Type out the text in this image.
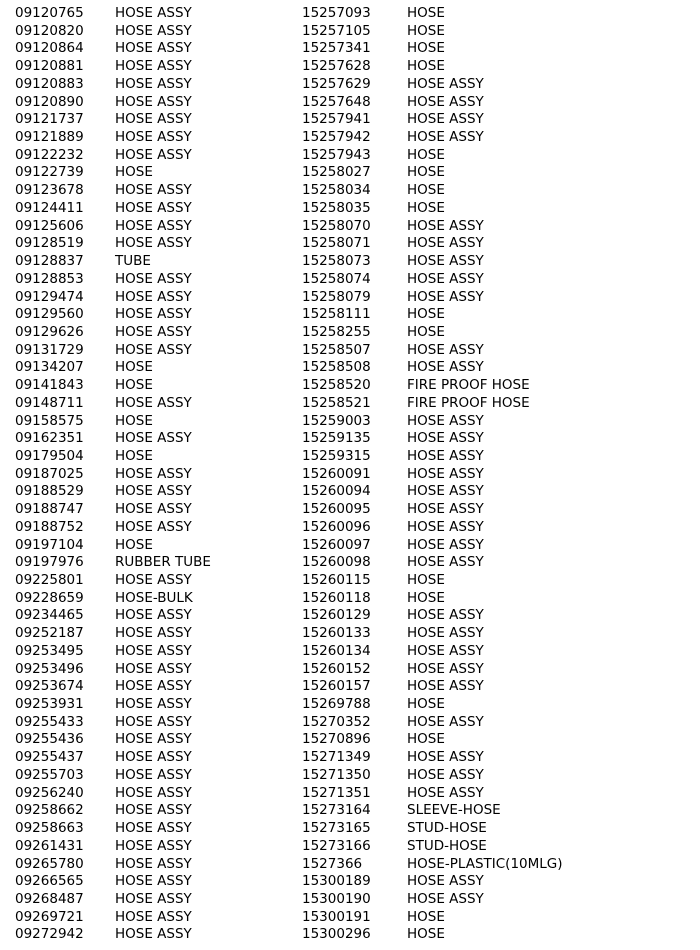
09120765 HOSE ASSY	15257093	HOSE
09120820 HOSE ASSY	15257105	HOSE
09120864 HOSE ASSY	15257341	HOSE
09120881 HOSE ASSY	15257628	HOSE
09120883 HOSE ASSY	15257629	HOSE ASSY
09120890 HOSE ASSY	15257648	HOSE ASSY
09121737 HOSE ASSY	15257941	HOSE ASSY
09121889 HOSE ASSY	15257942	HOSE ASSY
09122232 HOSE ASSY	15257943	HOSE
09122739 HOSE	15258027	HOSE
09123678 HOSE ASSY	15258034	HOSE
09124411 HOSE ASSY	15258035	HOSE
09125606 HOSE ASSY	15258070	HOSE ASSY
09128519 HOSE ASSY	15258071	HOSE ASSY
09128837 TUBE	15258073	HOSE ASSY
09128853 HOSE ASSY	15258074	HOSE ASSY
09129474 HOSE ASSY	15258079	HOSE ASSY
09129560 HOSE ASSY	15258111	HOSE
09129626 HOSE ASSY	15258255	HOSE
09131729 HOSE ASSY	15258507	HOSE ASSY
09134207 HOSE	15258508	HOSE ASSY
09141843 HOSE	15258520	FIRE PROOF HOSE
09148711 HOSE ASSY	15258521	FIRE PROOF HOSE
09158575 HOSE	15259003	HOSE ASSY
09162351 HOSE ASSY	15259135	HOSE ASSY
09179504 HOSE	15259315	HOSE ASSY
09187025 HOSE ASSY	15260091	HOSE ASSY
09188529 HOSE ASSY	15260094	HOSE ASSY
09188747 HOSE ASSY	15260095	HOSE ASSY
09188752 HOSE ASSY	15260096	HOSE ASSY
09197104 HOSE	15260097	HOSE ASSY
09197976 RUBBER TUBE	15260098	HOSE ASSY
09225801 HOSE ASSY	15260115	HOSE
09228659 HOSE-BULK	15260118	HOSE
09234465 HOSE ASSY	15260129	HOSE ASSY
09252187 HOSE ASSY	15260133	HOSE ASSY
09253495 HOSE ASSY	15260134	HOSE ASSY
09253496 HOSE ASSY	15260152	HOSE ASSY
09253674 HOSE ASSY	15260157	HOSE ASSY
09253931 HOSE ASSY	15269788	HOSE
09255433 HOSE ASSY	15270352	HOSE ASSY
09255436 HOSE ASSY	15270896	HOSE
09255437 HOSE ASSY	15271349	HOSE ASSY
09255703 HOSE ASSY	15271350	HOSE ASSY
09256240 HOSE ASSY	15271351	HOSE ASSY
09258662 HOSE ASSY	15273164	SLEEVE-HOSE
09258663 HOSE ASSY	15273165	STUD-HOSE
09261431 HOSE ASSY	15273166	STUD-HOSE
09265780 HOSE ASSY	1527366	HOSE-PLASTIC(10MLG)
09266565 HOSE ASSY	15300189	HOSE ASSY
09268487 HOSE ASSY	15300190	HOSE ASSY
09269721 HOSE ASSY	15300191	HOSE
09272942 HOSE ASSY	15300296	HOSE
